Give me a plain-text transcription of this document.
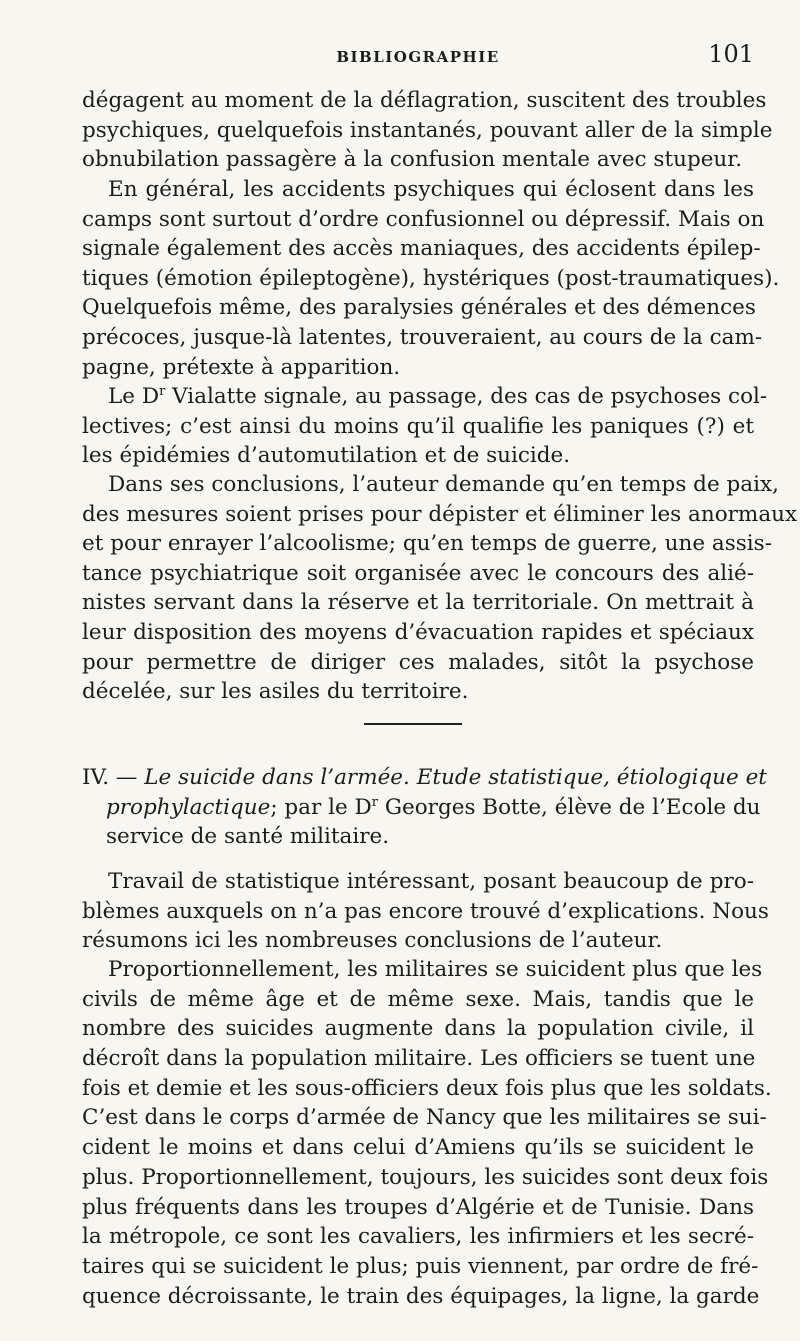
BIBLIOGRAPHIE	101
dégagent au moment de la déflagration, suscitent des troubles
psychiques, quelquefois instantanés, pouvant aller de la simple
obnubilation passagère à la confusion mentale avec stupeur.
En général, les accidents psychiques qui éclosent dans les
camps sont surtout d’ordre confusionnel ou dépressif. Mais on
signale également des accès maniaques, des accidents épilep-
tiques (émotion épileptogène), hystériques (post-traumatiques).
Quelquefois même, des paralysies générales et des démences
précoces, jusque-là latentes, trouveraient, au cours de la cam-
pagne, prétexte à apparition.
Le $D^r$ Vialatte signale, au passage, des cas de psychoses col-
lectives; c’est ainsi du moins qu’il qualifie les paniques (?) et
les épidémies d’automutilation et de suicide.
Dans ses conclusions, l’auteur demande qu’en temps de paix,
des mesures soient prises pour dépister et éliminer les anormaux
et pour enrayer l’alcoolisme; qu’en temps de guerre, une assis-
tance psychiatrique soit organisée avec le concours des alié-
nistes servant dans la réserve et la territoriale. On mettrait à
leur disposition des moyens d’évacuation rapides et spéciaux
pour permettre de diriger ces malades, sitôt la psychose
décelée, sur les asiles du territoire.
IV. — Le suicide dans l’armée. Etude statistique, étiologique et
prophylactique; par le $D^r$ Georges Botte, élève de l’Ecole du
service de santé militaire.
Travail de statistique intéressant, posant beaucoup de pro-
blèmes auxquels on n’a pas encore trouvé d’explications. Nous
résumons ici les nombreuses conclusions de l’auteur.
Proportionnellement, les militaires se suicident plus que les
civils de même âge et de même sexe. Mais, tandis que le
nombre des suicides augmente dans la population civile, il
décroît dans la population militaire. Les officiers se tuent une
fois et demie et les sous-officiers deux fois plus que les soldats.
C’est dans le corps d’armée de Nancy que les militaires se sui-
cident le moins et dans celui d’Amiens qu’ils se suicident le
plus. Proportionnellement, toujours, les suicides sont deux fois
plus fréquents dans les troupes d’Algérie et de Tunisie. Dans
la métropole, ce sont les cavaliers, les infirmiers et les secré-
taires qui se suicident le plus; puis viennent, par ordre de fré-
quence décroissante, le train des équipages, la ligne, la garde
